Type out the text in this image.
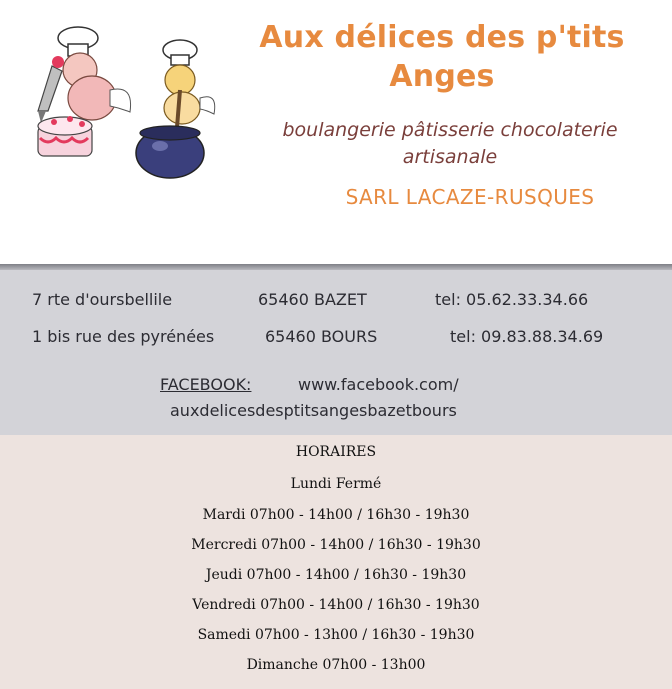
Aux délices des p'tits
Anges
boulangerie pâtisserie chocolaterie
artisanale
SARL LACAZE-RUSQUES
7 rte d'oursbellile	65460 BAZET	tel: 05.62.33.34.66
1 bis rue des pyrénées	65460 BOURS	tel: 09.83.88.34.69
FACEBOOK:	www.facebook.com/
auxdelicesdesptitsangesbazetbours
HORAIRES
Lundi Fermé
Mardi 07h00 - 14h00 / 16h30 - 19h30
Mercredi 07h00 - 14h00 / 16h30 - 19h30
Jeudi 07h00 - 14h00 / 16h30 - 19h30
Vendredi 07h00 - 14h00 / 16h30 - 19h30
Samedi 07h00 - 13h00 / 16h30 - 19h30
Dimanche 07h00 - 13h00
